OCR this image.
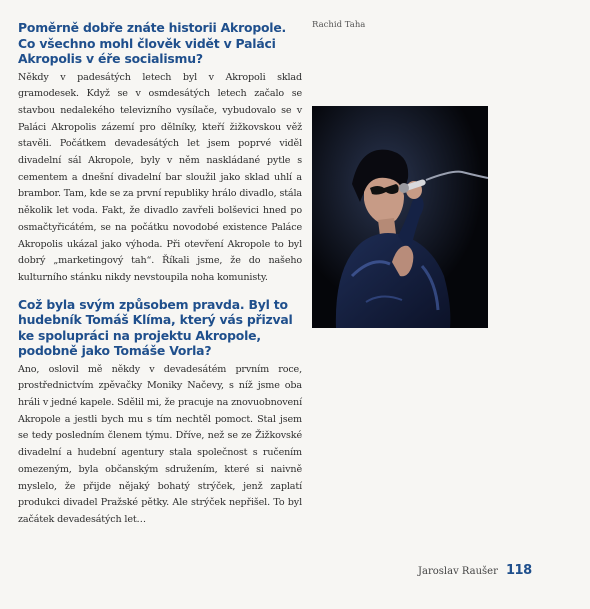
Poměrně dobře znáte historii Akropole. Co všechno mohl člověk vidět v Paláci Akropolis v éře socialismu?

Někdy v padesátých letech byl v Akropoli sklad gramodesek. Když se v osmdesátých letech začalo se stavbou nedalekého televizního vysílače, vybudovalo se v Paláci Akropolis zázemí pro dělníky, kteří žižkovskou věž stavěli. Počátkem devadesátých let jsem poprvé viděl divadelní sál Akropole, byly v něm naskládané pytle s cementem a dnešní divadelní bar sloužil jako sklad uhlí a brambor. Tam, kde se za první republiky hrálo divadlo, stála několik let voda. Fakt, že divadlo zavřeli bolševici hned po osmačtyřicátém, se na počátku novodobé existence Paláce Akropolis ukázal jako výhoda. Při otevření Akropole to byl dobrý „marketingový tah“. Říkali jsme, že do našeho kulturního stánku nikdy nevstoupila noha komunisty.

Což byla svým způsobem pravda. Byl to hudebník Tomáš Klíma, který vás přizval ke spolupráci na projektu Akropole, podobně jako Tomáše Vorla?

Ano, oslovil mě někdy v devadesátém prvním roce, prostřednictvím zpěvačky Moniky Načevy, s níž jsme oba hráli v jedné kapele. Sdělil mi, že pracuje na znovuobnovení Akropole a jestli bych mu s tím nechtěl pomoct. Stal jsem se tedy posledním členem týmu. Dříve, než se ze Žižkovské divadelní a hudební agentury stala společnost s ručením omezeným, byla občanským sdružením, které si naivně myslelo, že přijde nějaký bohatý strýček, jenž zaplatí produkci divadel Pražské pětky. Ale strýček nepřišel. To byl začátek devadesátých let…

Rachid Taha
Jaroslav Raušer 118
